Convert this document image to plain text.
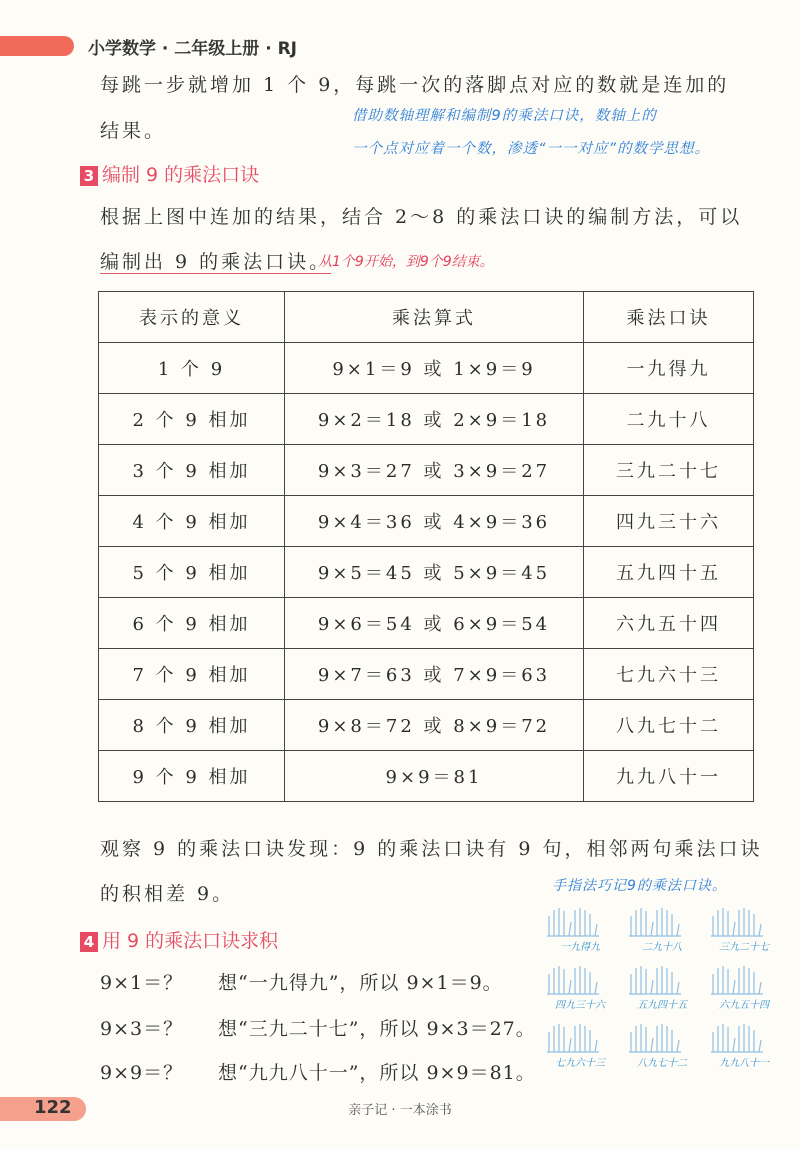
小学数学 · 二年级上册 · RJ
每跳一步就增加 1 个 9，每跳一次的落脚点对应的数就是连加的
结果。
借助数轴理解和编制9的乘法口诀，数轴上的
一个点对应着一个数，渗透“一一对应”的数学思想。
3 编制 9 的乘法口诀
根据上图中连加的结果，结合 2～8 的乘法口诀的编制方法，可以
编制出 9 的乘法口诀。
从1个9开始，到9个9结束。
表示的意义	乘法算式	乘法口诀
1 个 9	9×1＝9 或 1×9＝9	一九得九
2 个 9 相加	9×2＝18 或 2×9＝18	二九十八
3 个 9 相加	9×3＝27 或 3×9＝27	三九二十七
4 个 9 相加	9×4＝36 或 4×9＝36	四九三十六
5 个 9 相加	9×5＝45 或 5×9＝45	五九四十五
6 个 9 相加	9×6＝54 或 6×9＝54	六九五十四
7 个 9 相加	9×7＝63 或 7×9＝63	七九六十三
8 个 9 相加	9×8＝72 或 8×9＝72	八九七十二
9 个 9 相加	9×9＝81	九九八十一
观察 9 的乘法口诀发现：9 的乘法口诀有 9 句，相邻两句乘法口诀
的积相差 9。	手指法巧记9的乘法口诀。
一九得九	二九十八	三九二十七
四九三十六	五九四十五	六九五十四
七九六十三	八九七十二	九九八十一
4 用 9 的乘法口诀求积
9×1＝？ 想“一九得九”，所以 9×1＝9。
9×3＝？ 想“三九二十七”，所以 9×3＝27。
9×9＝？ 想“九九八十一”，所以 9×9＝81。
122	亲子记 · 一本涂书
